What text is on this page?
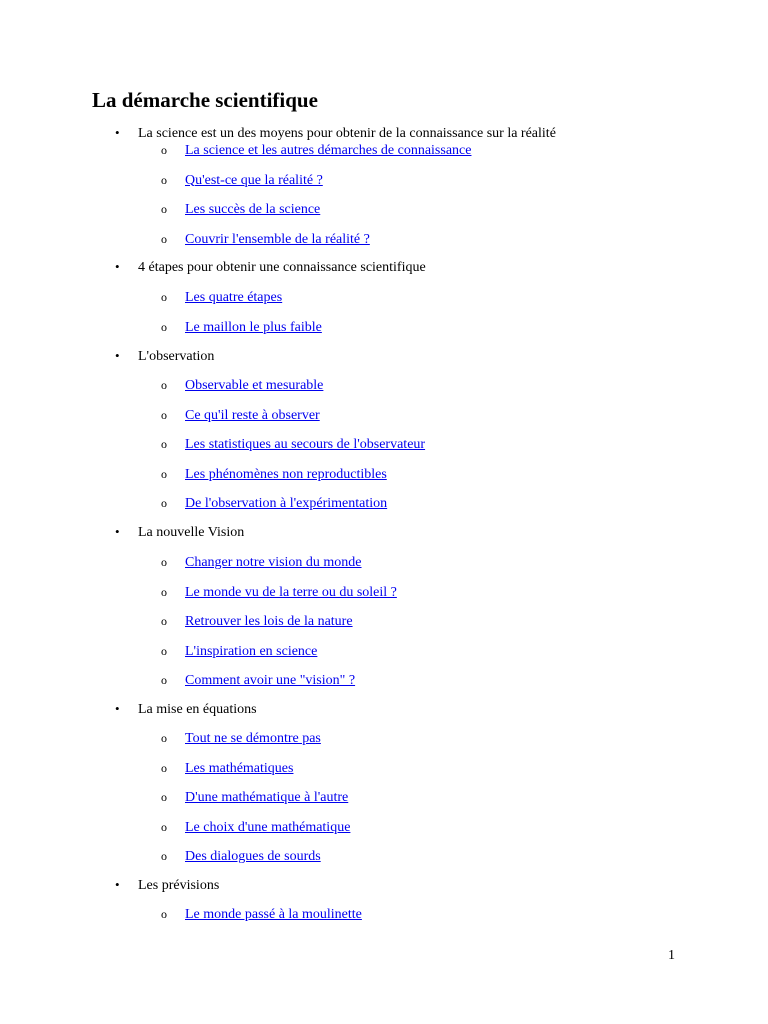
La démarche scientifique
• La science est un des moyens pour obtenir de la connaissance sur la réalité
o La science et les autres démarches de connaissance
o Qu'est-ce que la réalité ?
o Les succès de la science
o Couvrir l'ensemble de la réalité ?
• 4 étapes pour obtenir une connaissance scientifique
o Les quatre étapes
o Le maillon le plus faible
• L'observation
o Observable et mesurable
o Ce qu'il reste à observer
o Les statistiques au secours de l'observateur
o Les phénomènes non reproductibles
o De l'observation à l'expérimentation
• La nouvelle Vision
o Changer notre vision du monde
o Le monde vu de la terre ou du soleil ?
o Retrouver les lois de la nature
o L'inspiration en science
o Comment avoir une "vision" ?
• La mise en équations
o Tout ne se démontre pas
o Les mathématiques
o D'une mathématique à l'autre
o Le choix d'une mathématique
o Des dialogues de sourds
• Les prévisions
o Le monde passé à la moulinette
1
